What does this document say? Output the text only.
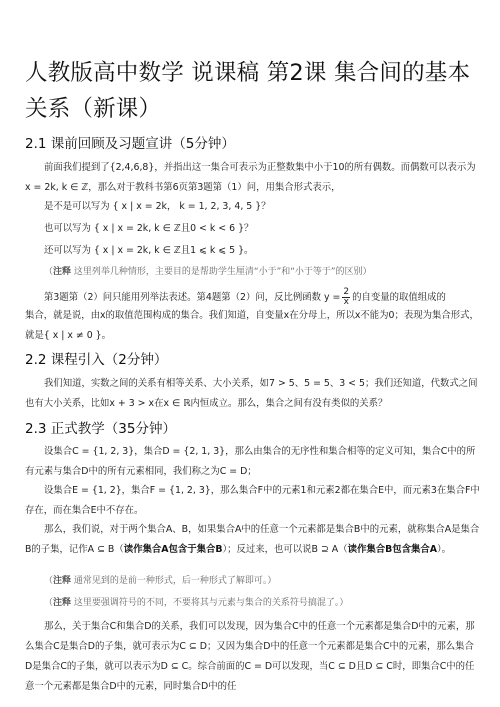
人教版高中数学 说课稿 第2课 集合间的基本关系（新课）
2.1 课前回顾及习题宣讲（5分钟）

前面我们提到了{2,4,6,8}，并指出这一集合可表示为正整数集中小于10的所有偶数。而偶数可以表示为x = 2k, k ∈ ℤ，那么对于教科书第6页第3题第（1）问，用集合形式表示，

是不是可以写为 { x | x = 2k， k = 1, 2, 3, 4, 5 }？

也可以写为 { x | x = 2k, k ∈ ℤ且0 < k < 6 }？

还可以写为 { x | x = 2k, k ∈ ℤ且1 ⩽ k ⩽ 5 }。

（注释 这里列举几种情形，主要目的是帮助学生厘清“小于”和“小于等于”的区别）

第3题第（2）问只能用列举法表述。第4题第（2）问，反比例函数 $y = \frac{2}{x}$ 的自变量的取值组成的

集合，就是说，由x的取值范围构成的集合。我们知道，自变量x在分母上，所以x不能为0；表现为集合形式，就是{ x | x ≠ 0 }。

2.2 课程引入（2分钟）

我们知道，实数之间的关系有相等关系、大小关系，如7 > 5、5 = 5、3 < 5；我们还知道，代数式之间也有大小关系，比如x + 3 > x在x ∈ ℝ内恒成立。那么，集合之间有没有类似的关系？

2.3 正式教学（35分钟）

设集合C = {1, 2, 3}，集合D = {2, 1, 3}，那么由集合的无序性和集合相等的定义可知，集合C中的所有元素与集合D中的所有元素相同，我们称之为C = D；

设集合E = {1, 2}，集合F = {1, 2, 3}，那么集合F中的元素1和元素2都在集合E中，而元素3在集合F中存在，而在集合E中不存在。

那么，我们说，对于两个集合A、B，如果集合A中的任意一个元素都是集合B中的元素，就称集合A是集合B的子集，记作A ⊆ B（读作集合A包含于集合B）；反过来，也可以说B ⊇ A（读作集合B包含集合A）。

（注释 通常见到的是前一种形式，后一种形式了解即可。）

（注释 这里要强调符号的不同，不要将其与元素与集合的关系符号搞混了。）

那么，关于集合C和集合D的关系，我们可以发现，因为集合C中的任意一个元素都是集合D中的元素，那么集合C是集合D的子集，就可表示为C ⊆ D；又因为集合D中的任意一个元素都是集合C中的元素，那么集合D是集合C的子集，就可以表示为D ⊆ C。综合前面的C = D可以发现，当C ⊆ D且D ⊆ C时，即集合C中的任意一个元素都是集合D中的元素，同时集合D中的任
